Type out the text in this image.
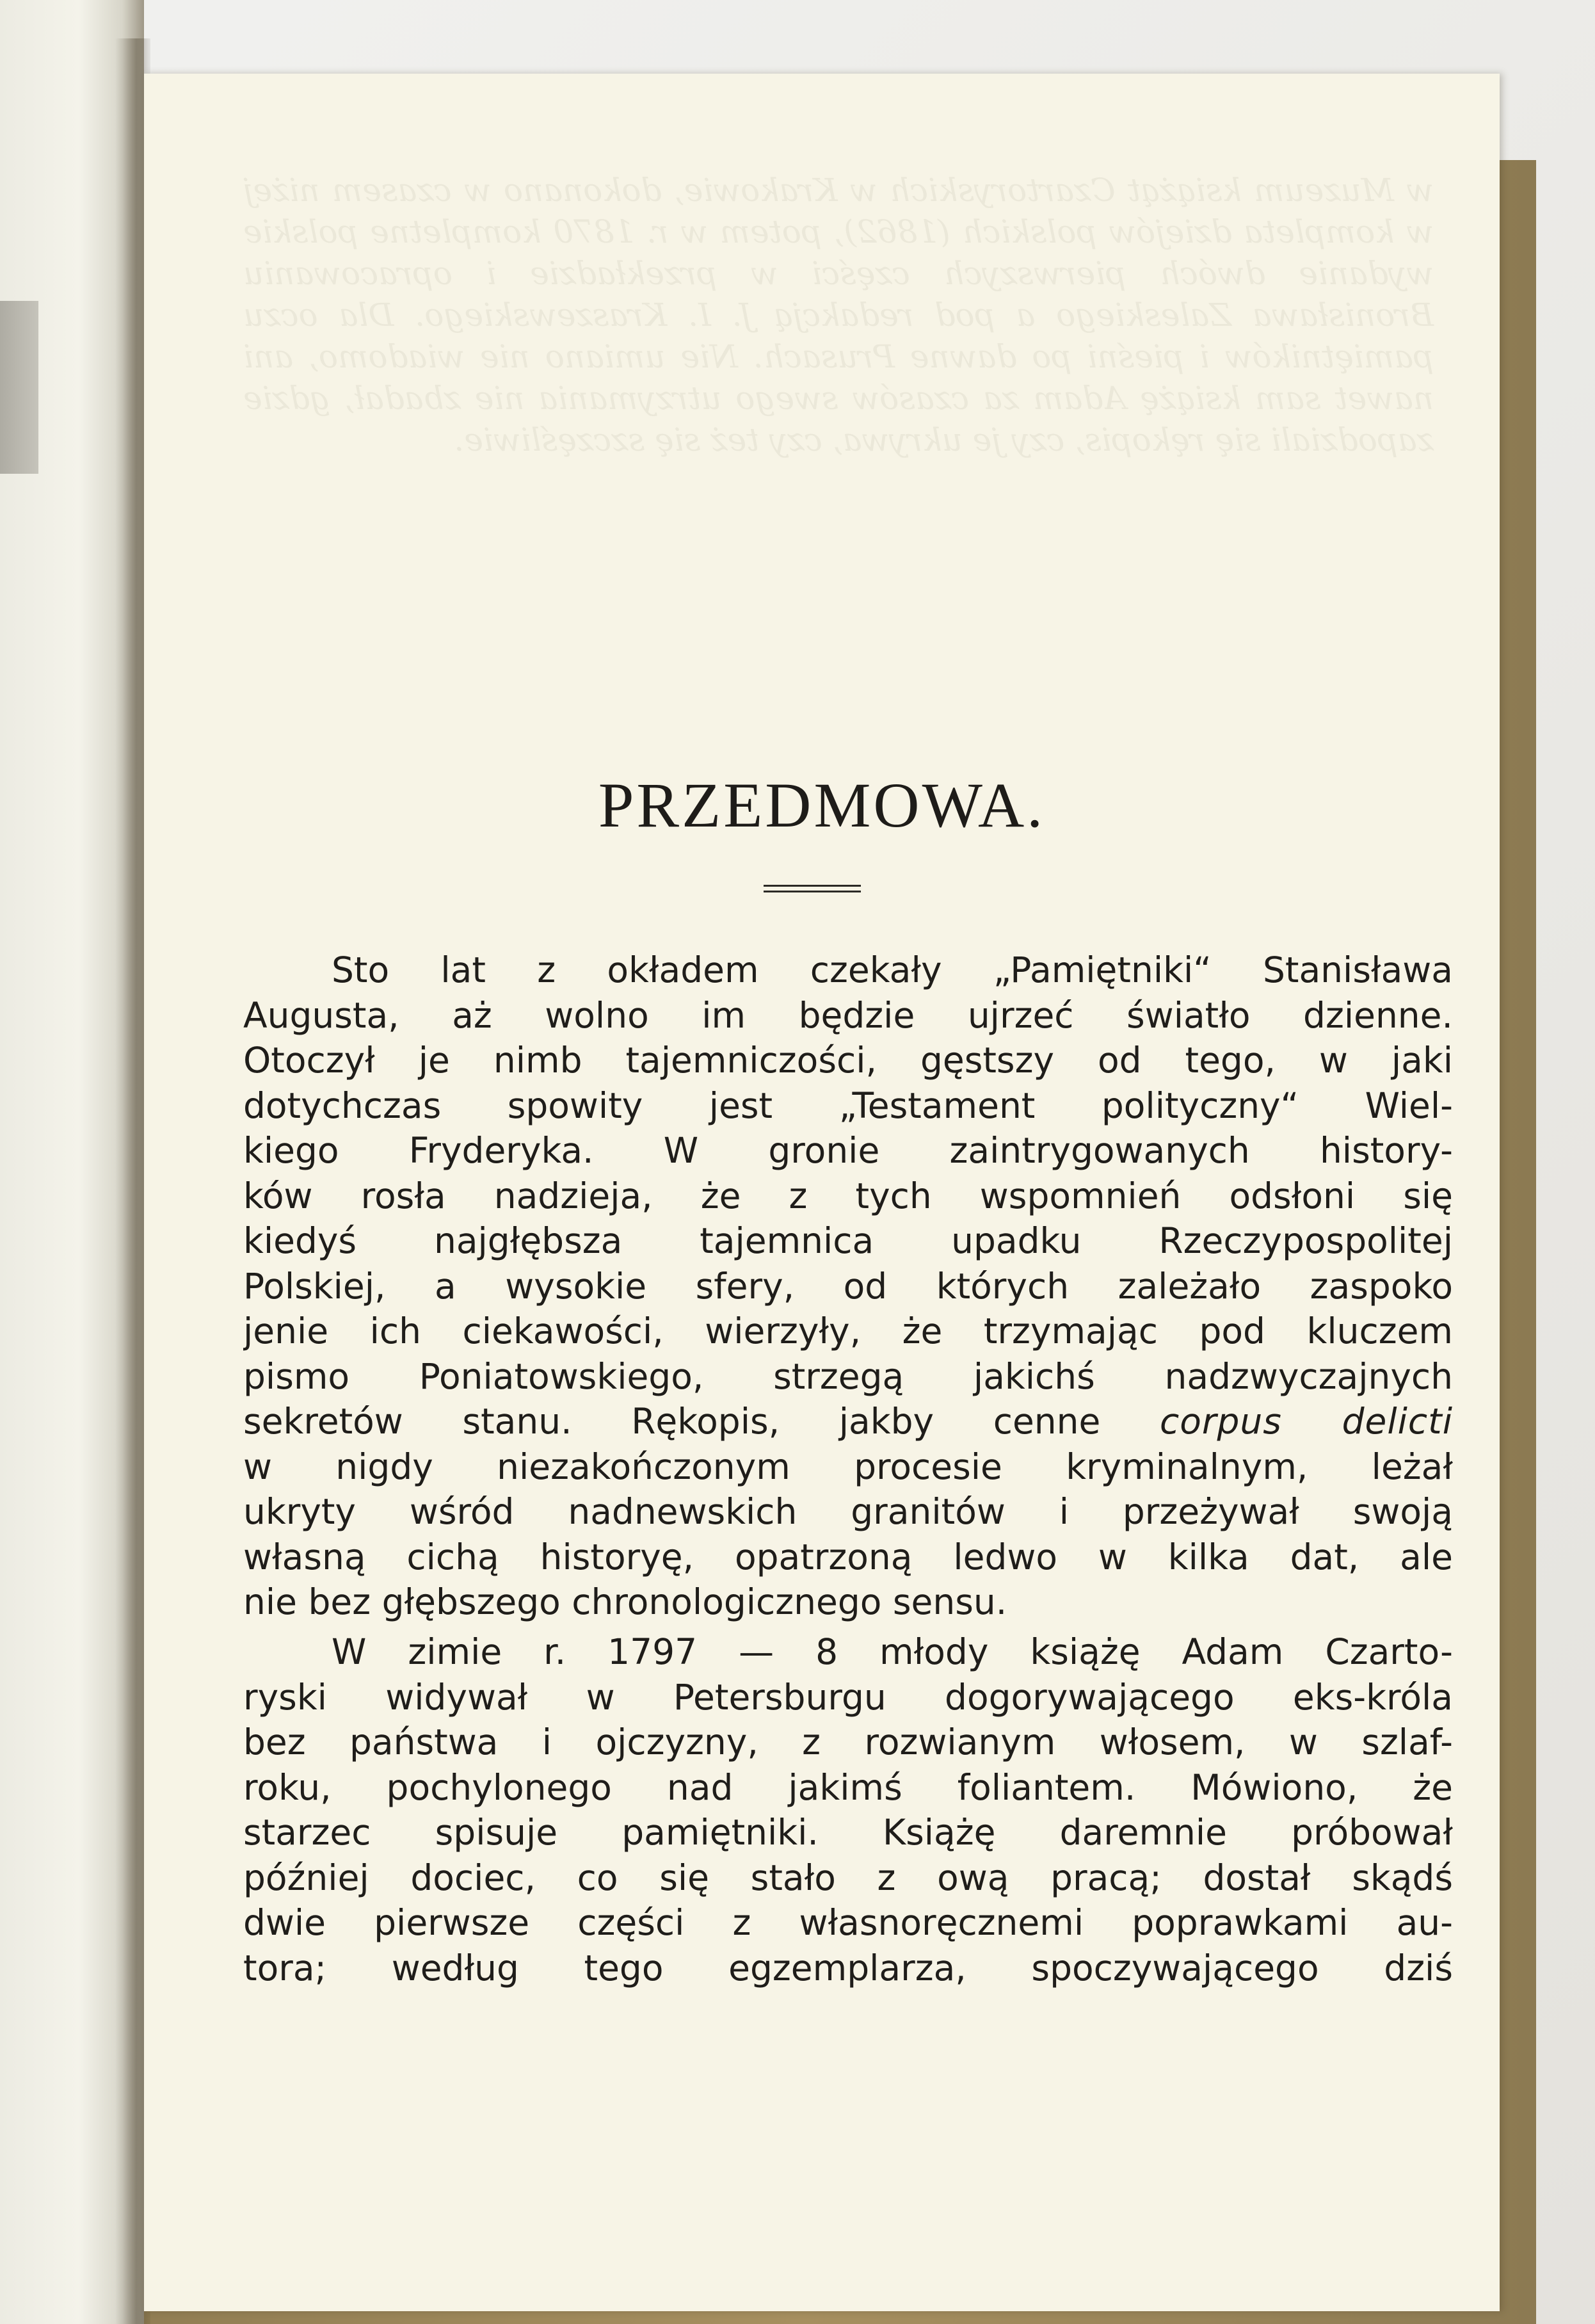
w Muzeum książąt Czartoryskich w Krakowie, dokonano w czasem niżej w kompleta dziejów polskich (1862), potem w r. 1870 kompletne polskie wydanie dwóch pierwszych części w przekładzie i opracowaniu Bronisława Zaleskiego a pod redakcją J. I. Kraszewskiego. Dla oczu pamiętników i pieśni po dawne Prusach. Nie umiano nie wiadomo, ani nawet sam książę Adam za czasów swego utrzymania nie zbadał, gdzie zapodziali się rękopis, czy je ukrywa, czy też się szczęśliwie.
PRZEDMOWA.
Sto lat z okładem czekały „Pamiętniki“ Stanisława
Augusta, aż wolno im będzie ujrzeć światło dzienne.
Otoczył je nimb tajemniczości, gęstszy od tego, w jaki
dotychczas spowity jest „Testament polityczny“ Wiel-
kiego Fryderyka. W gronie zaintrygowanych history-
ków rosła nadzieja, że z tych wspomnień odsłoni się
kiedyś najgłębsza tajemnica upadku Rzeczypospolitej
Polskiej, a wysokie sfery, od których zależało zaspoko
jenie ich ciekawości, wierzyły, że trzymając pod kluczem
pismo Poniatowskiego, strzegą jakichś nadzwyczajnych
sekretów stanu. Rękopis, jakby cenne corpus delicti
w nigdy niezakończonym procesie kryminalnym, leżał
ukryty wśród nadnewskich granitów i przeżywał swoją
własną cichą historyę, opatrzoną ledwo w kilka dat, ale
nie bez głębszego chronologicznego sensu.
W zimie r. 1797 — 8 młody książę Adam Czarto-
ryski widywał w Petersburgu dogorywającego eks-króla
bez państwa i ojczyzny, z rozwianym włosem, w szlaf-
roku, pochylonego nad jakimś foliantem. Mówiono, że
starzec spisuje pamiętniki. Książę daremnie próbował
później dociec, co się stało z ową pracą; dostał skądś
dwie pierwsze części z własnoręcznemi poprawkami au-
tora; według tego egzemplarza, spoczywającego dziś
